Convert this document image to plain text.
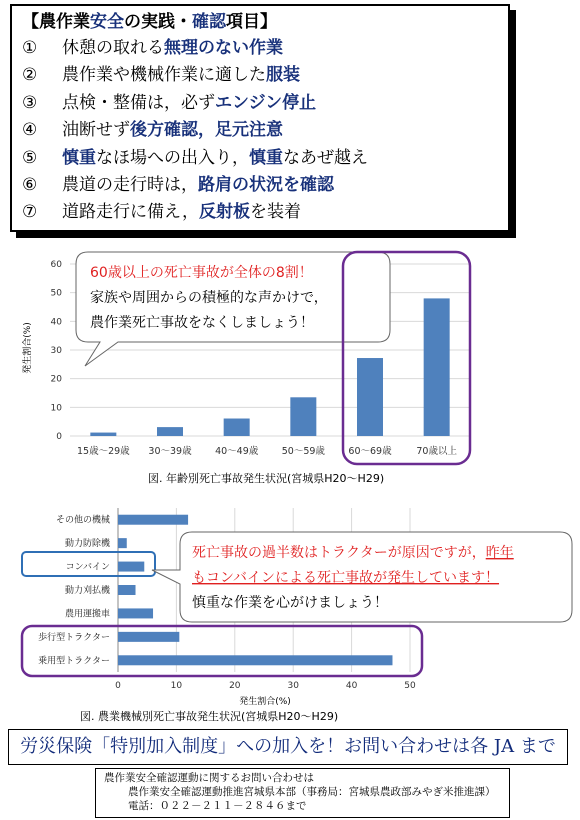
【農作業安全の実践・確認項目】
① 休憩の取れる無理のない作業
② 農作業や機械作業に適した服装
③ 点検・整備は，必ずエンジン停止
④ 油断せず後方確認，足元注意
⑤ 慎重なほ場への出入り，慎重なあぜ越え
⑥ 農道の走行時は，路肩の状況を確認
⑦ 道路走行に備え，反射板を装着
0
10
20
30
40
50
60
15歳～29歳 30～39歳 40～49歳 50～59歳 60～69歳	70歳以上
発生割合(%)
60歳以上の死亡事故が全体の8割！
家族や周囲からの積極的な声かけで，
農作業死亡事故をなくしましょう！
図. 年齢別死亡事故発生状況(宮城県H20～H29)
その他の機械
動力防除機
コンバイン
動力刈払機
農用運搬車
歩行型トラクター
乗用型トラクター
0	10	20	30	40	50
死亡事故の過半数はトラクターが原因ですが，昨年
もコンバインによる死亡事故が発生しています！
慎重な作業を心がけましょう！
発生割合(%)
図. 農業機械別死亡事故発生状況(宮城県H20～H29)
労災保険「特別加入制度」への加入を！お問い合わせは各 JA まで
農作業安全確認運動に関するお問い合わせは
農作業安全確認運動推進宮城県本部（事務局：宮城県農政部みやぎ米推進課）
電話：０２２－２１１－２８４６まで
